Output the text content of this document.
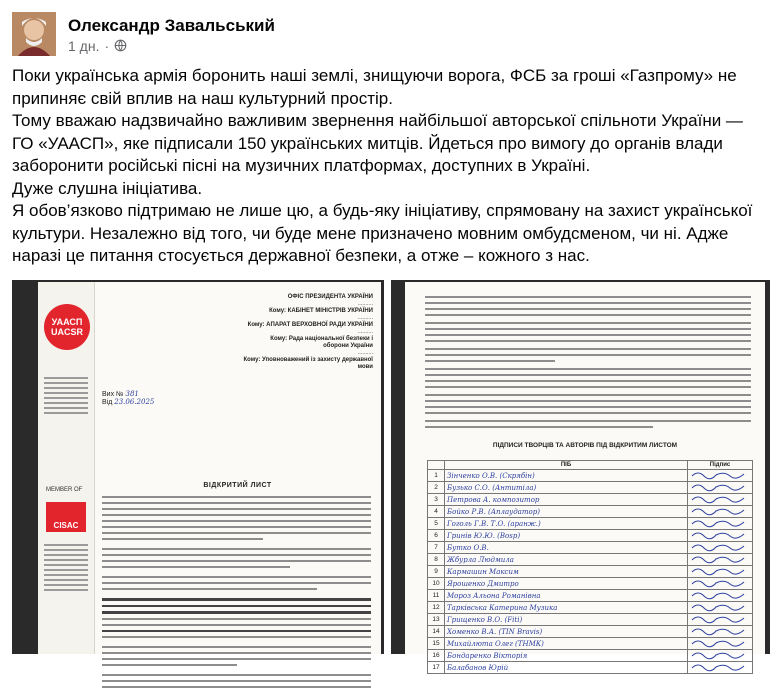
Олександр Завальський
1 дн. ·

Поки українська армія боронить наші землі, знищуючи ворога, ФСБ за гроші «Газпрому» не припиняє свій вплив на наш культурний простір.

Тому вважаю надзвичайно важливим звернення найбільшої авторської спільноти України — ГО «УААСП», яке підписали 150 українських митців. Йдеться про вимогу до органів влади заборонити російські пісні на музичних платформах, доступних в Україні.

Дуже слушна ініціатива.

Я обов’язково підтримаю не лише цю, а будь-яку ініціативу, спрямовану на захист української культури. Незалежно від того, чи буде мене призначено мовним омбудсменом, чи ні. Адже наразі це питання стосується державної безпеки, а отже – кожного з нас.

УААСП
UACSR
MEMBER OF
CISAC
ОФІС ПРЕЗИДЕНТА УКРАЇНИ
..........
Кому: КАБІНЕТ МІНІСТРІВ УКРАЇНИ
..........
Кому: АПАРАТ ВЕРХОВНОЇ РАДИ УКРАЇНИ
..........
Кому: Рада національної безпеки і оборони України
..........
Кому: Уповноважений із захисту державної мови
Вих № 381
Від 23.06.2025
ВІДКРИТИЙ ЛИСТ
ПІДПИСИ ТВОРЦІВ ТА АВТОРІВ ПІД ВІДКРИТИМ ЛИСТОМ
	ПІБ	Підпис
1	Зінченко О.В. (Скрябін)	
2	Бузько С.О. (Антитіла)	
3	Петрова А. композитор	
4	Бойко Р.В. (Аплаудатор)	
5	Гоголь Г.В. Т.О. (аранж.)	
6	Гринів Ю.Ю. (Bosp)	
7	Бутко О.В.	
8	Жбурла Людмила	
9	Кармашин Максим	
10	Ярошенко Дмитро	
11	Мороз Альона Романівна	
12	Тарківська Катерина Музика	
13	Грищенко В.О. (Fiti)	
14	Хоменко В.А. (TIN Bravis)	
15	Михайлюта Олег (ТНМК)	
16	Бондаренко Вікторія	
17	Балабанов Юрій	
